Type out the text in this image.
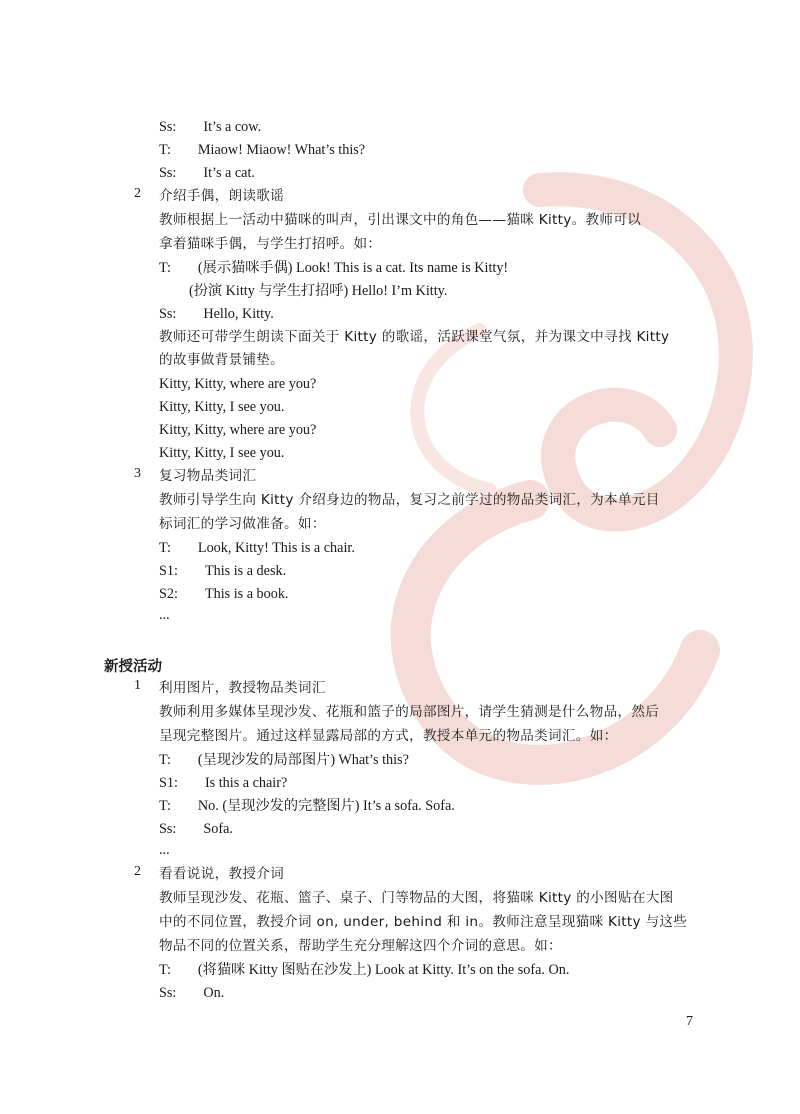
Ss: It’s a cow.
T: Miaow! Miaow! What’s this?
Ss: It’s a cat.
2 介绍手偶，朗读歌谣
教师根据上一活动中猫咪的叫声，引出课文中的角色——猫咪 Kitty。教师可以
拿着猫咪手偶，与学生打招呼。如：
T: (展示猫咪手偶) Look! This is a cat. Its name is Kitty!
(扮演 Kitty 与学生打招呼) Hello! I’m Kitty.
Ss: Hello, Kitty.
教师还可带学生朗读下面关于 Kitty 的歌谣，活跃课堂气氛，并为课文中寻找 Kitty
的故事做背景铺垫。
Kitty, Kitty, where are you?
Kitty, Kitty, I see you.
Kitty, Kitty, where are you?
Kitty, Kitty, I see you.
3 复习物品类词汇
教师引导学生向 Kitty 介绍身边的物品，复习之前学过的物品类词汇，为本单元目
标词汇的学习做准备。如：
T: Look, Kitty! This is a chair.
S1: This is a desk.
S2: This is a book.
...
新授活动
1 利用图片，教授物品类词汇
教师利用多媒体呈现沙发、花瓶和篮子的局部图片，请学生猜测是什么物品，然后
呈现完整图片。通过这样显露局部的方式，教授本单元的物品类词汇。如：
T: (呈现沙发的局部图片) What’s this?
S1: Is this a chair?
T: No. (呈现沙发的完整图片) It’s a sofa. Sofa.
Ss: Sofa.
...
2 看看说说，教授介词
教师呈现沙发、花瓶、篮子、桌子、门等物品的大图，将猫咪 Kitty 的小图贴在大图
中的不同位置，教授介词 on, under, behind 和 in。教师注意呈现猫咪 Kitty 与这些
物品不同的位置关系，帮助学生充分理解这四个介词的意思。如：
T: (将猫咪 Kitty 图贴在沙发上) Look at Kitty. It’s on the sofa. On.
Ss: On.
7
